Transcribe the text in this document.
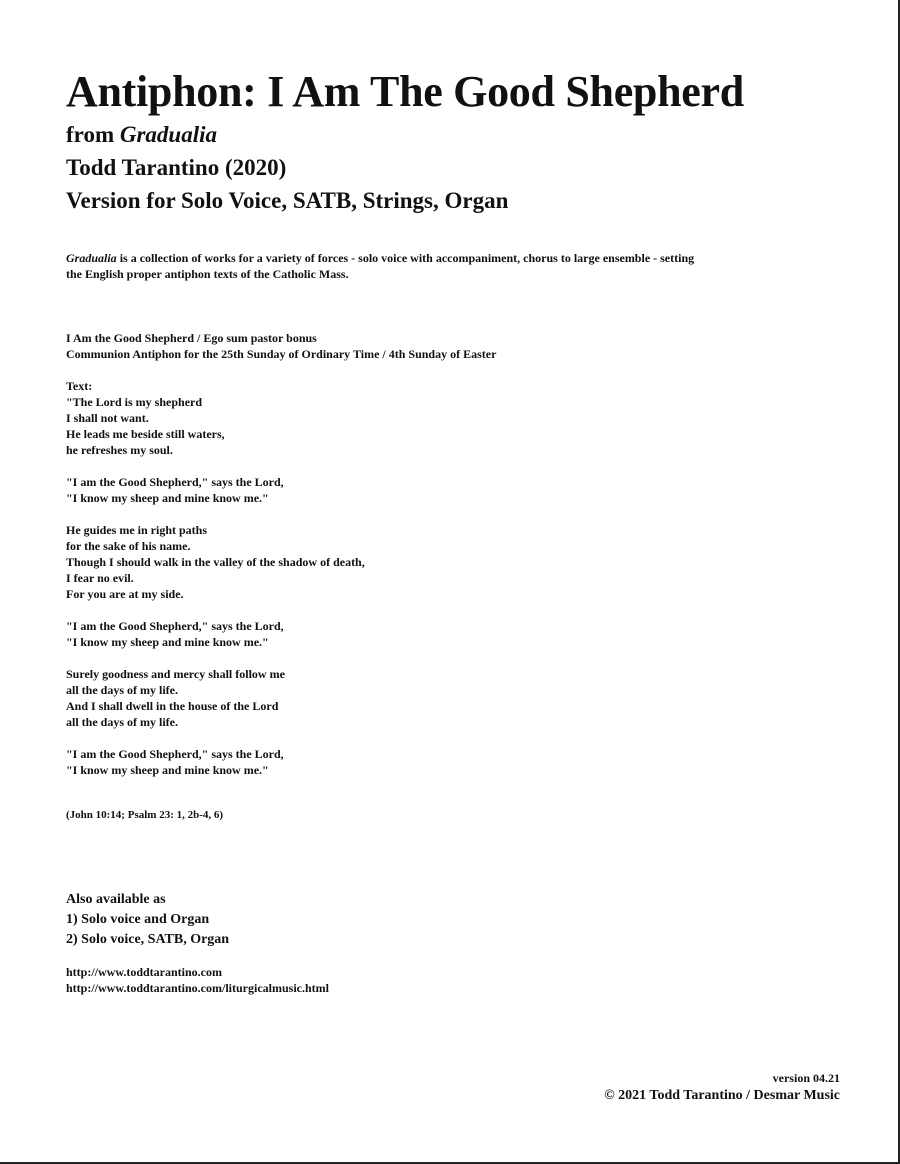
Antiphon: I Am The Good Shepherd
from Gradualia
Todd Tarantino (2020)
Version for Solo Voice, SATB, Strings, Organ
Gradualia is a collection of works for a variety of forces - solo voice with accompaniment, chorus to large ensemble - setting the English proper antiphon texts of the Catholic Mass.
I Am the Good Shepherd / Ego sum pastor bonus
Communion Antiphon for the 25th Sunday of Ordinary Time / 4th Sunday of Easter
Text:
"The Lord is my shepherd
I shall not want.
He leads me beside still waters,
he refreshes my soul.
"I am the Good Shepherd," says the Lord,
"I know my sheep and mine know me."
He guides me in right paths
for the sake of his name.
Though I should walk in the valley of the shadow of death,
I fear no evil.
For you are at my side.
"I am the Good Shepherd," says the Lord,
"I know my sheep and mine know me."
Surely goodness and mercy shall follow me
all the days of my life.
And I shall dwell in the house of the Lord
all the days of my life.
"I am the Good Shepherd," says the Lord,
"I know my sheep and mine know me."
(John 10:14; Psalm 23: 1, 2b-4, 6)
Also available as
1) Solo voice and Organ
2) Solo voice, SATB, Organ
http://www.toddtarantino.com
http://www.toddtarantino.com/liturgicalmusic.html
version 04.21
© 2021 Todd Tarantino / Desmar Music
